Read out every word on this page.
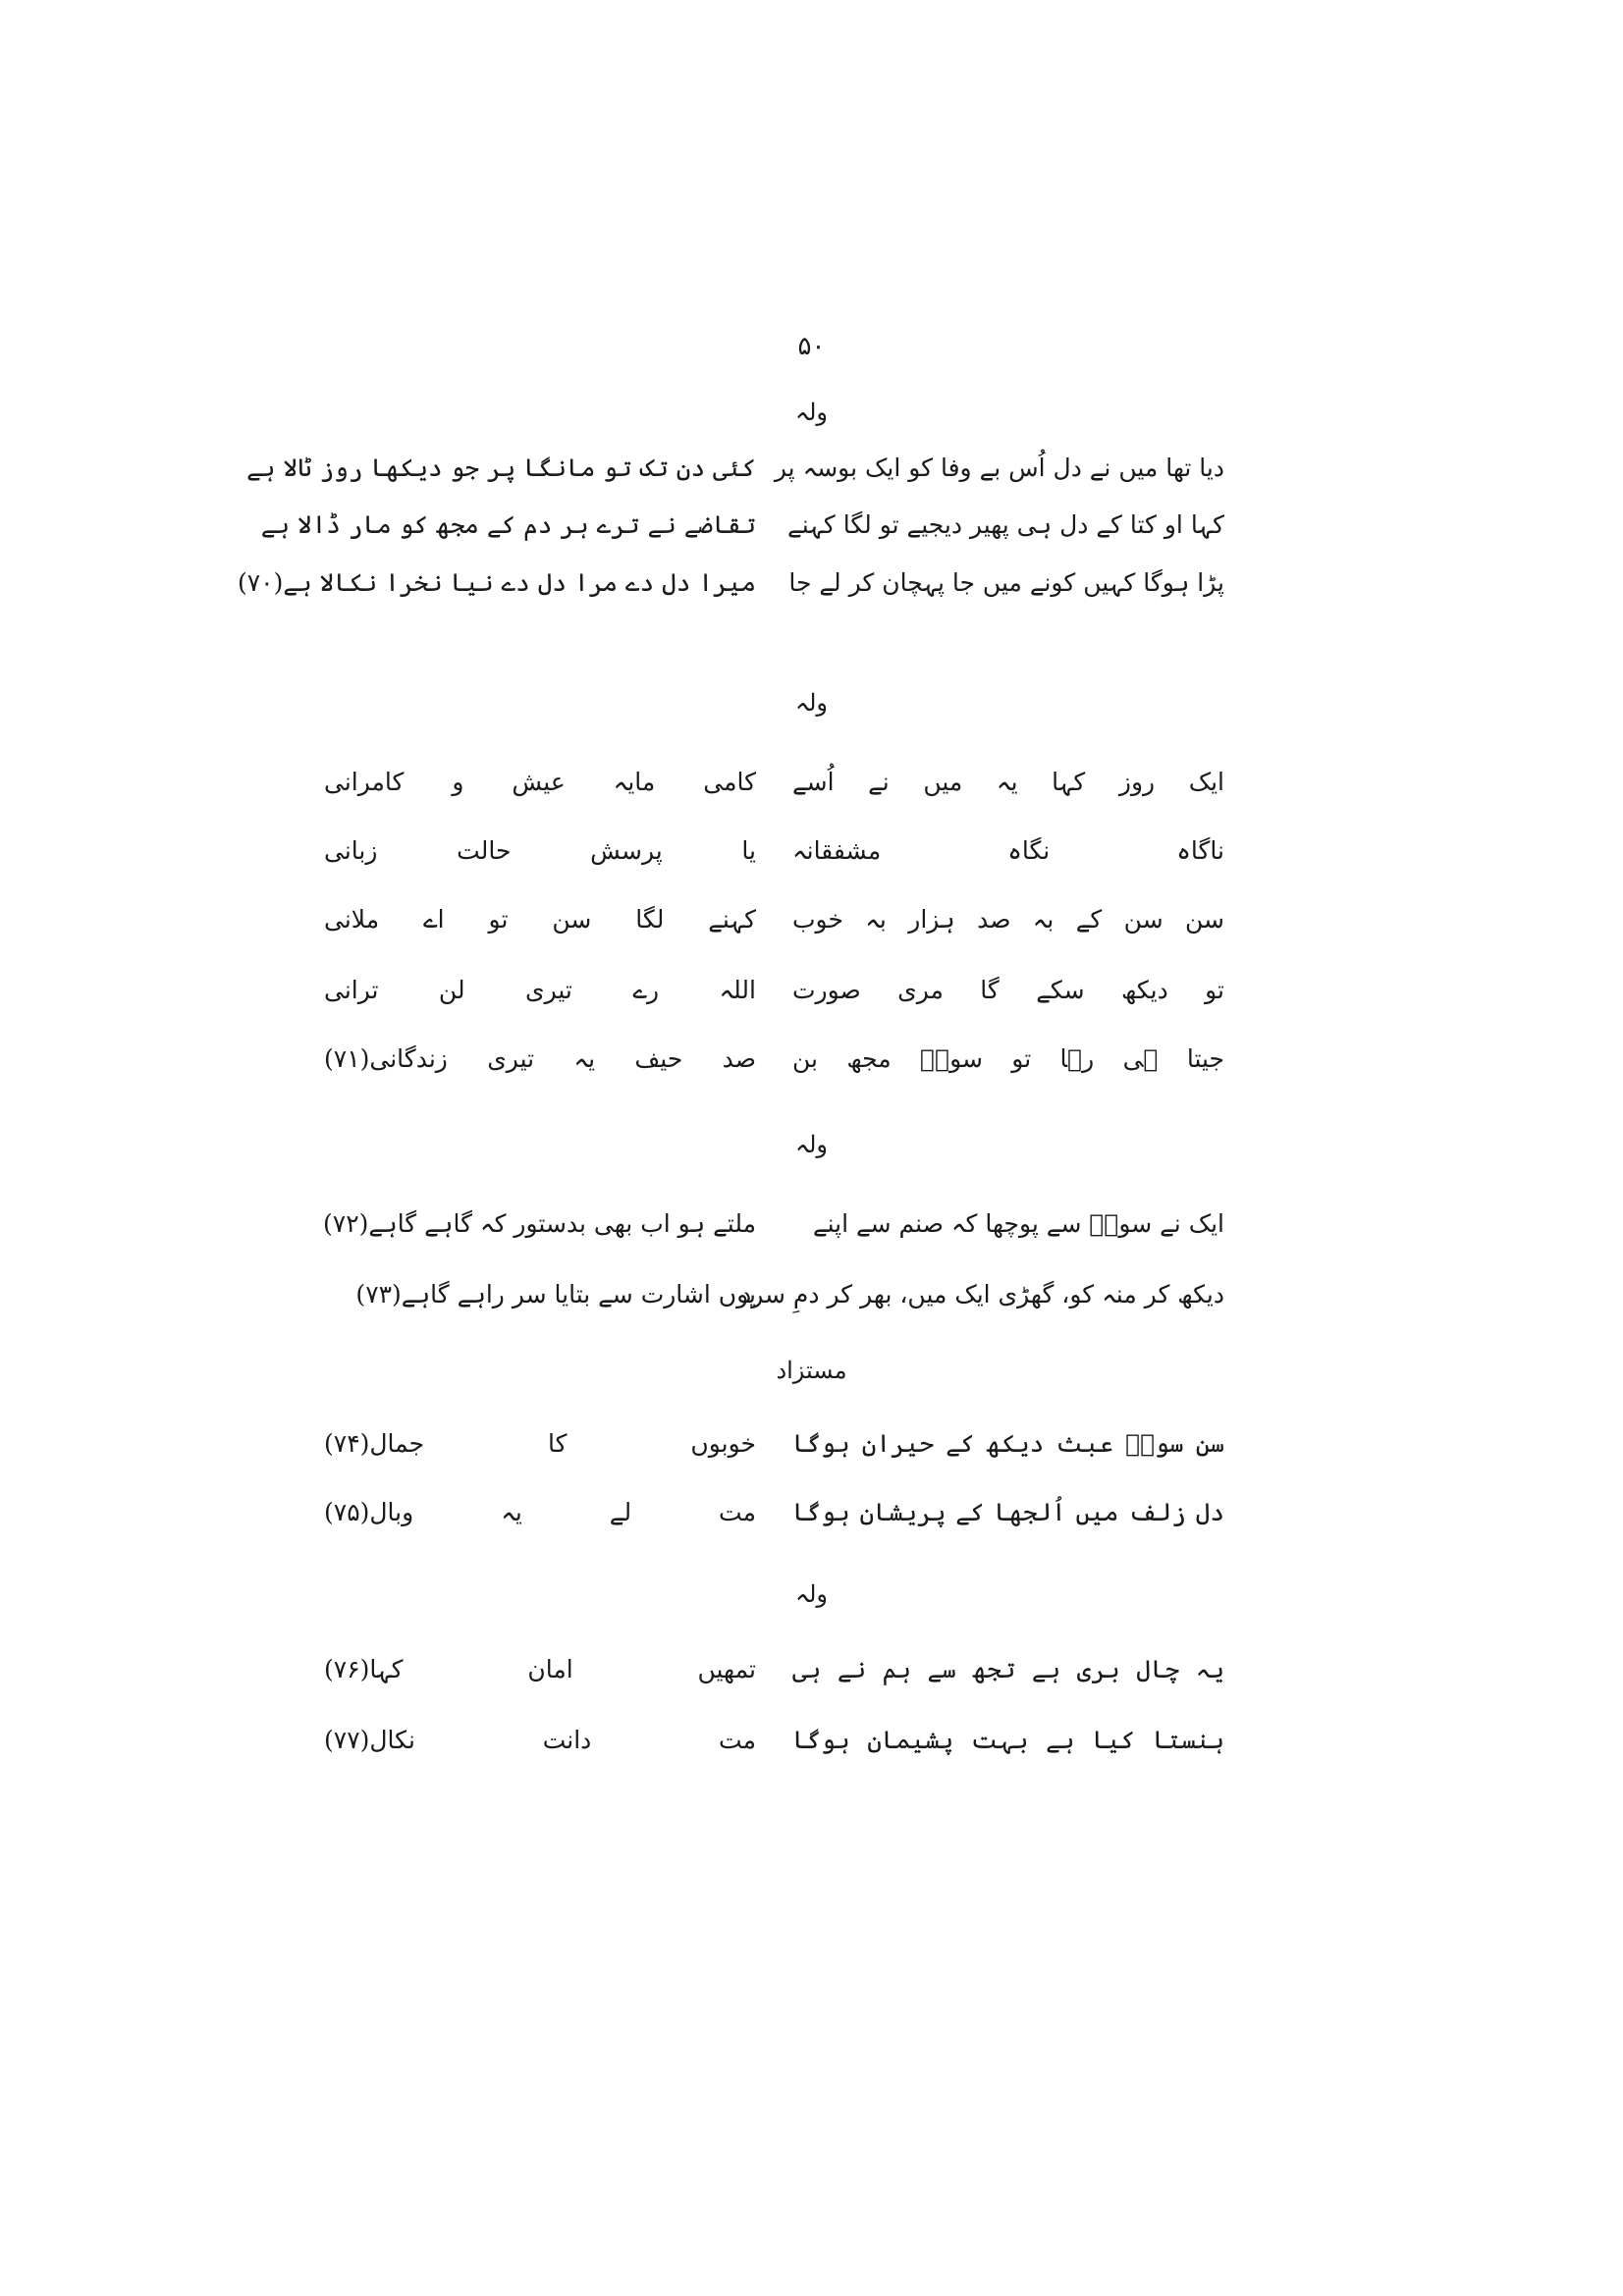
۵۰
ولہ
دیا تھا میں نے دل اُس بے وفا کو ایک بوسہ پر
کئی دن تک تو مانگا پر جو دیکھا روز ٹالا ہے
کہا او کتا کے دل ہی پھیر دیجیے تو لگا کہنے
تقاضے نے ترے ہر دم کے مجھ کو مار ڈالا ہے
پڑا ہوگا کہیں کونے میں جا پہچان کر لے جا
میرا دل دے مرا دل دے نیا نخرا نکالا ہے(۷۰)
ولہ
ایک روز کہا یہ میں نے اُسے
کامی مایہ عیش و کامرانی
ناگاہ نگاہ مشفقانہ
یا پرسش حالت زبانی
سن سن کے بہ صد ہزار بہ خوب
کہنے لگا سن تو اے ملانی
تو دیکھ سکے گا مری صورت
اللہ رے تیری لن ترانی
جیتا ہی رہا تو سوزؔ مجھ بن
صد حیف یہ تیری زندگانی(۷۱)
ولہ
ایک نے سوزؔ سے پوچھا کہ صنم سے اپنے
ملتے ہو اب بھی بدستور کہ گاہے گاہے(۷۲)
دیکھ کر منہ کو، گھڑی ایک میں، بھر کر دمِ سرد
یوں اشارت سے بتایا سر راہے گاہے(۷۳)
مستزاد
سن سوزؔ عبث دیکھ کے حیران ہوگا
خوبوں کا جمال(۷۴)
دل زلف میں اُلجھا کے پریشان ہوگا
مت لے یہ وبال(۷۵)
ولہ
یہ چال بری ہے تجھ سے ہم نے ہی
تمھیں امان کہا(۷۶)
ہنستا کیا ہے بہت پشیمان ہوگا
مت دانت نکال(۷۷)
